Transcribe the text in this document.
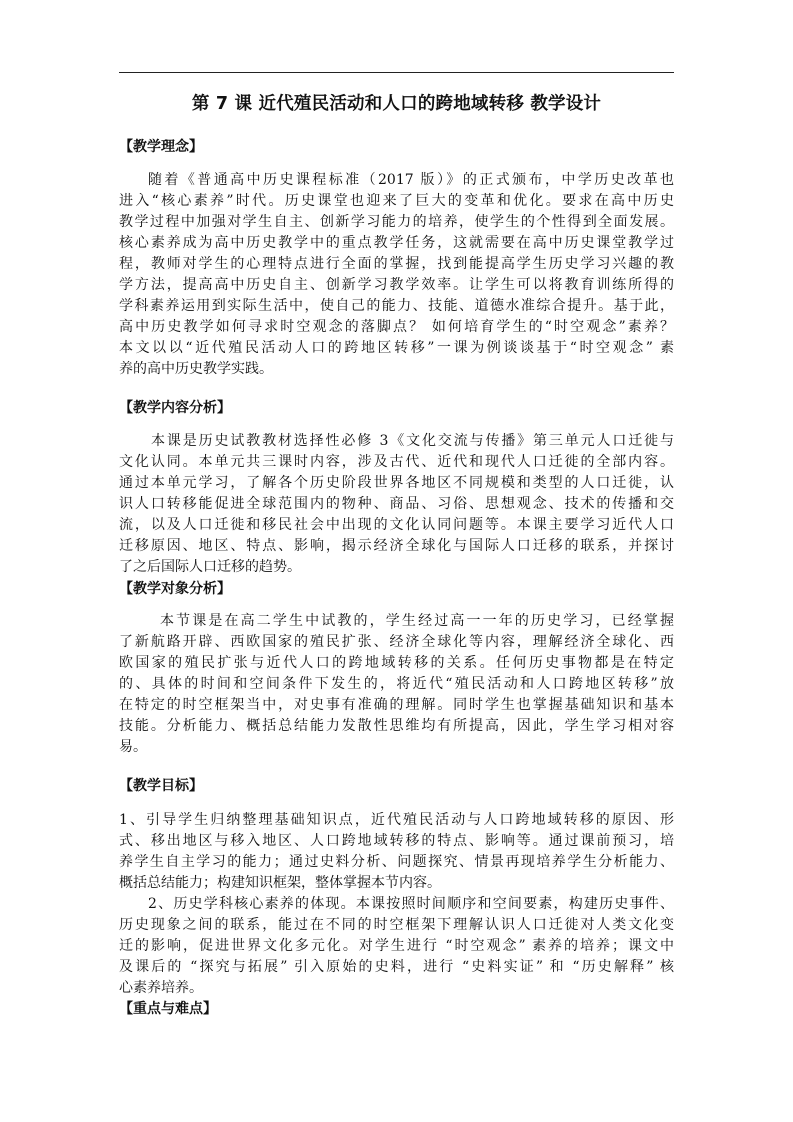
第 7 课 近代殖民活动和人口的跨地域转移 教学设计
【教学理念】
随着《普通高中历史课程标准（2017 版）》的正式颁布，中学历史改革也
进入“核心素养”时代。历史课堂也迎来了巨大的变革和优化。要求在高中历史
教学过程中加强对学生自主、创新学习能力的培养，使学生的个性得到全面发展。
核心素养成为高中历史教学中的重点教学任务，这就需要在高中历史课堂教学过
程，教师对学生的心理特点进行全面的掌握，找到能提高学生历史学习兴趣的教
学方法，提高高中历史自主、创新学习教学效率。让学生可以将教育训练所得的
学科素养运用到实际生活中，使自己的能力、技能、道德水准综合提升。基于此，
高中历史教学如何寻求时空观念的落脚点？ 如何培育学生的“时空观念”素养？
本文以以“近代殖民活动人口的跨地区转移”一课为例谈谈基于“时空观念” 素
养的高中历史教学实践。
【教学内容分析】
本课是历史试教教材选择性必修 3《文化交流与传播》第三单元人口迁徙与
文化认同。本单元共三课时内容，涉及古代、近代和现代人口迁徙的全部内容。
通过本单元学习，了解各个历史阶段世界各地区不同规模和类型的人口迁徙，认
识人口转移能促进全球范围内的物种、商品、习俗、思想观念、技术的传播和交
流，以及人口迁徙和移民社会中出现的文化认同问题等。本课主要学习近代人口
迁移原因、地区、特点、影响，揭示经济全球化与国际人口迁移的联系，并探讨
了之后国际人口迁移的趋势。
【教学对象分析】
本节课是在高二学生中试教的，学生经过高一一年的历史学习，已经掌握
了新航路开辟、西欧国家的殖民扩张、经济全球化等内容，理解经济全球化、西
欧国家的殖民扩张与近代人口的跨地域转移的关系。任何历史事物都是在特定
的、具体的时间和空间条件下发生的，将近代“殖民活动和人口跨地区转移”放
在特定的时空框架当中，对史事有准确的理解。同时学生也掌握基础知识和基本
技能。分析能力、概括总结能力发散性思维均有所提高，因此，学生学习相对容
易。
【教学目标】
1、引导学生归纳整理基础知识点，近代殖民活动与人口跨地域转移的原因、形
式、移出地区与移入地区、人口跨地域转移的特点、影响等。通过课前预习，培
养学生自主学习的能力；通过史料分析、问题探究、情景再现培养学生分析能力、
概括总结能力；构建知识框架，整体掌握本节内容。
2、历史学科核心素养的体现。本课按照时间顺序和空间要素，构建历史事件、
历史现象之间的联系，能过在不同的时空框架下理解认识人口迁徙对人类文化变
迁的影响，促进世界文化多元化。对学生进行 “时空观念” 素养的培养；课文中
及课后的 “探究与拓展” 引入原始的史料，进行 “史料实证” 和 “历史解释” 核
心素养培养。
【重点与难点】
